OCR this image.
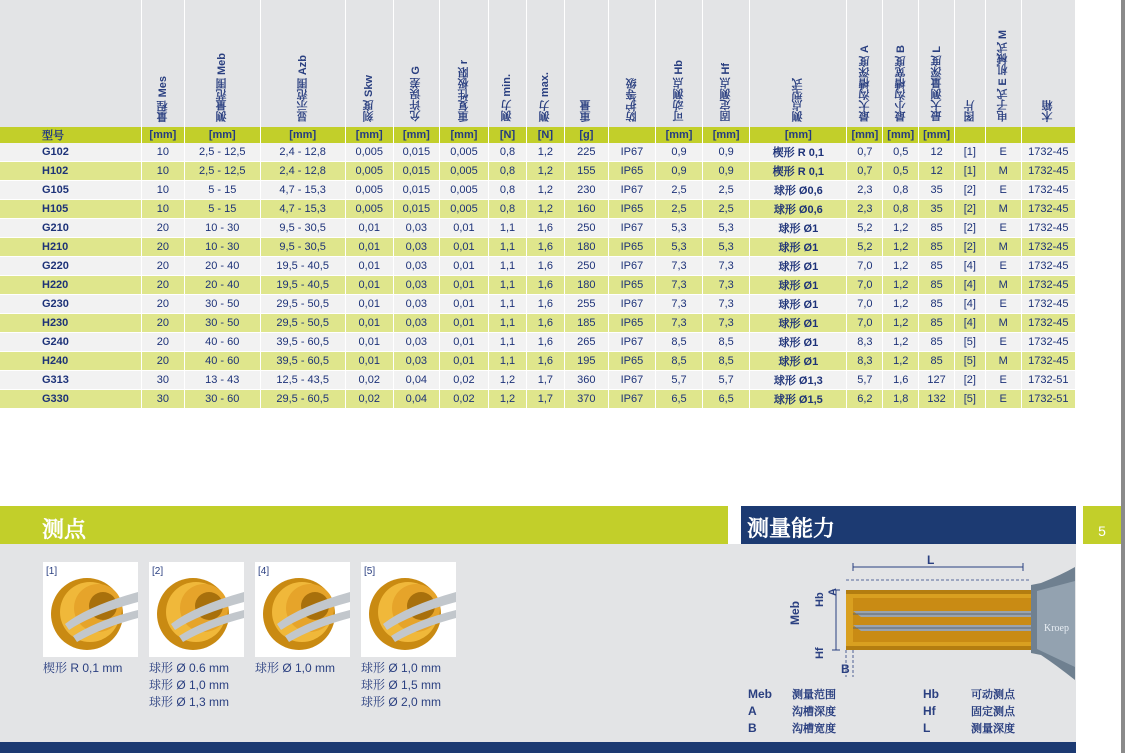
	量程 Mes	测量范围 Meb	显示范围 Azb	刻度 Skw	允许误差 G	重复性极限 r	测力 min.	测力 max.	重量	防护等级	可动测点 Hb	固定测点 Hf	测点型式	最大沟槽深度 A	最小沟槽宽度 B	最大测量深度 L	图片	电子式 E 机械式 M	木箱
型号	[mm]	[mm]	[mm]	[mm]	[mm]	[mm]	[N]	[N]	[g]		[mm]	[mm]	[mm]	[mm]	[mm]	[mm]			
G102	10	2,5 - 12,5	2,4 - 12,8	0,005	0,015	0,005	0,8	1,2	225	IP67	0,9	0,9	楔形 R 0,1	0,7	0,5	12	[1]	E	1732-45
H102	10	2,5 - 12,5	2,4 - 12,8	0,005	0,015	0,005	0,8	1,2	155	IP65	0,9	0,9	楔形 R 0,1	0,7	0,5	12	[1]	M	1732-45
G105	10	5 - 15	4,7 - 15,3	0,005	0,015	0,005	0,8	1,2	230	IP67	2,5	2,5	球形 Ø0,6	2,3	0,8	35	[2]	E	1732-45
H105	10	5 - 15	4,7 - 15,3	0,005	0,015	0,005	0,8	1,2	160	IP65	2,5	2,5	球形 Ø0,6	2,3	0,8	35	[2]	M	1732-45
G210	20	10 - 30	9,5 - 30,5	0,01	0,03	0,01	1,1	1,6	250	IP67	5,3	5,3	球形 Ø1	5,2	1,2	85	[2]	E	1732-45
H210	20	10 - 30	9,5 - 30,5	0,01	0,03	0,01	1,1	1,6	180	IP65	5,3	5,3	球形 Ø1	5,2	1,2	85	[2]	M	1732-45
G220	20	20 - 40	19,5 - 40,5	0,01	0,03	0,01	1,1	1,6	250	IP67	7,3	7,3	球形 Ø1	7,0	1,2	85	[4]	E	1732-45
H220	20	20 - 40	19,5 - 40,5	0,01	0,03	0,01	1,1	1,6	180	IP65	7,3	7,3	球形 Ø1	7,0	1,2	85	[4]	M	1732-45
G230	20	30 - 50	29,5 - 50,5	0,01	0,03	0,01	1,1	1,6	255	IP67	7,3	7,3	球形 Ø1	7,0	1,2	85	[4]	E	1732-45
H230	20	30 - 50	29,5 - 50,5	0,01	0,03	0,01	1,1	1,6	185	IP65	7,3	7,3	球形 Ø1	7,0	1,2	85	[4]	M	1732-45
G240	20	40 - 60	39,5 - 60,5	0,01	0,03	0,01	1,1	1,6	265	IP67	8,5	8,5	球形 Ø1	8,3	1,2	85	[5]	E	1732-45
H240	20	40 - 60	39,5 - 60,5	0,01	0,03	0,01	1,1	1,6	195	IP65	8,5	8,5	球形 Ø1	8,3	1,2	85	[5]	M	1732-45
G313	30	13 - 43	12,5 - 43,5	0,02	0,04	0,02	1,2	1,7	360	IP67	5,7	5,7	球形 Ø1,3	5,7	1,6	127	[2]	E	1732-51
G330	30	30 - 60	29,5 - 60,5	0,02	0,04	0,02	1,2	1,7	370	IP67	6,5	6,5	球形 Ø1,5	6,2	1,8	132	[5]	E	1732-51
测点	测量能力	5
[1]
楔形 R 0,1 mm
[2]
球形 Ø 0.6 mm
球形 Ø 1,0 mm
球形 Ø 1,3 mm
[4]
球形 Ø 1,0 mm
[5]
球形 Ø 1,0 mm
球形 Ø 1,5 mm
球形 Ø 2,0 mm
L
Kroep
Meb
Hb
A
Hf
B
Meb 测量范围
A	沟槽深度
B	沟槽宽度
Hb	可动测点
Hf	固定测点
L	测量深度
